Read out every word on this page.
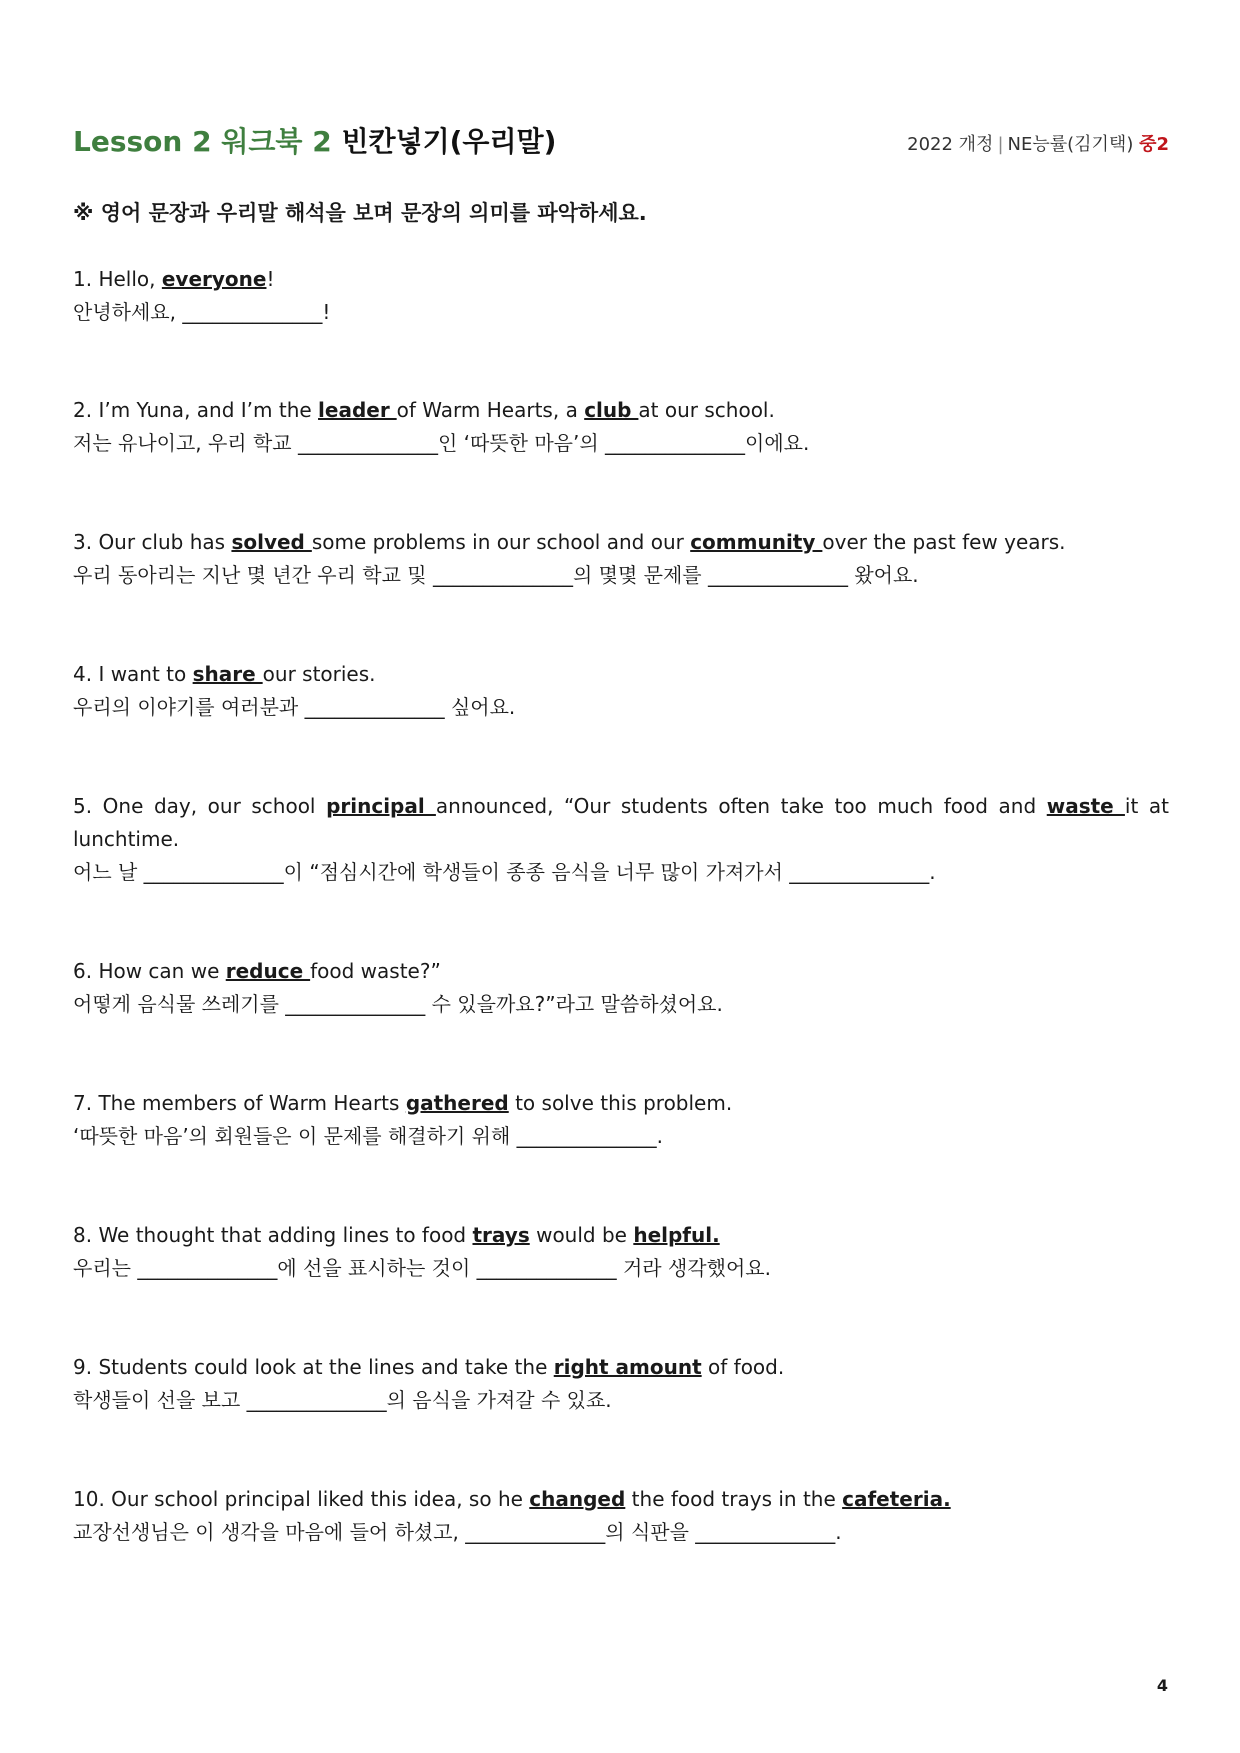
Lesson 2 워크북 2 빈칸넣기(우리말)	2022 개정 | NE능률(김기택) 중2
※ 영어 문장과 우리말 해석을 보며 문장의 의미를 파악하세요.
1. Hello, everyone!
안녕하세요, ______________!
2. I’m Yuna, and I’m the leader of Warm Hearts, a club at our school.
저는 유나이고, 우리 학교 ______________인 ‘따뜻한 마음’의 ______________이에요.
3. Our club has solved some problems in our school and our community over the past few years.
우리 동아리는 지난 몇 년간 우리 학교 및 ______________의 몇몇 문제를 ______________ 왔어요.
4. I want to share our stories.
우리의 이야기를 여러분과 ______________ 싶어요.
5. One day, our school principal announced, “Our students often take too much food and waste it at lunchtime.
어느 날 ______________이 “점심시간에 학생들이 종종 음식을 너무 많이 가져가서 ______________.
6. How can we reduce food waste?”
어떻게 음식물 쓰레기를 ______________ 수 있을까요?”라고 말씀하셨어요.
7. The members of Warm Hearts gathered to solve this problem.
‘따뜻한 마음’의 회원들은 이 문제를 해결하기 위해 ______________.
8. We thought that adding lines to food trays would be helpful.
우리는 ______________에 선을 표시하는 것이 ______________ 거라 생각했어요.
9. Students could look at the lines and take the right amount of food.
학생들이 선을 보고 ______________의 음식을 가져갈 수 있죠.
10. Our school principal liked this idea, so he changed the food trays in the cafeteria.
교장선생님은 이 생각을 마음에 들어 하셨고, ______________의 식판을 ______________.
4
